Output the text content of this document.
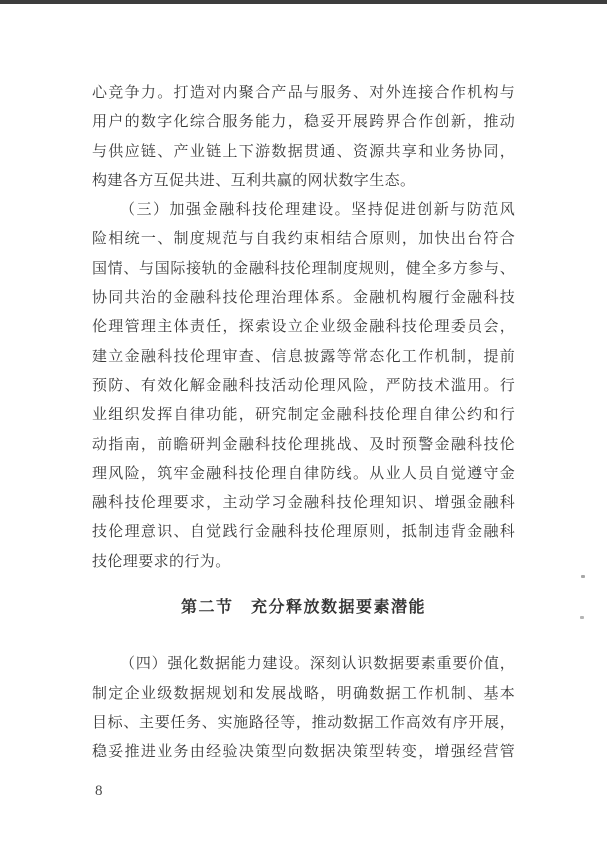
心竞争力。打造对内聚合产品与服务、对外连接合作机构与
用户的数字化综合服务能力，稳妥开展跨界合作创新，推动
与供应链、产业链上下游数据贯通、资源共享和业务协同，
构建各方互促共进、互利共赢的网状数字生态。
（三）加强金融科技伦理建设。坚持促进创新与防范风
险相统一、制度规范与自我约束相结合原则，加快出台符合
国情、与国际接轨的金融科技伦理制度规则，健全多方参与、
协同共治的金融科技伦理治理体系。金融机构履行金融科技
伦理管理主体责任，探索设立企业级金融科技伦理委员会，
建立金融科技伦理审查、信息披露等常态化工作机制，提前
预防、有效化解金融科技活动伦理风险，严防技术滥用。行
业组织发挥自律功能，研究制定金融科技伦理自律公约和行
动指南，前瞻研判金融科技伦理挑战、及时预警金融科技伦
理风险，筑牢金融科技伦理自律防线。从业人员自觉遵守金
融科技伦理要求，主动学习金融科技伦理知识、增强金融科
技伦理意识、自觉践行金融科技伦理原则，抵制违背金融科
技伦理要求的行为。
第二节　充分释放数据要素潜能
（四）强化数据能力建设。深刻认识数据要素重要价值，
制定企业级数据规划和发展战略，明确数据工作机制、基本
目标、主要任务、实施路径等，推动数据工作高效有序开展，
稳妥推进业务由经验决策型向数据决策型转变，增强经营管
8
